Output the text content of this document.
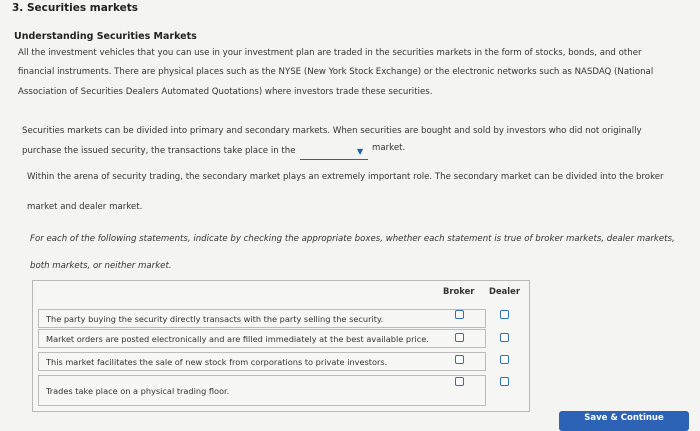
3. Securities markets
Understanding Securities Markets
All the investment vehicles that you can use in your investment plan are traded in the securities markets in the form of stocks, bonds, and other
financial instruments. There are physical places such as the NYSE (New York Stock Exchange) or the electronic networks such as NASDAQ (National
Association of Securities Dealers Automated Quotations) where investors trade these securities.
Securities markets can be divided into primary and secondary markets. When securities are bought and sold by investors who did not originally
purchase the issued security, the transactions take place in the	▼ market.
Within the arena of security trading, the secondary market plays an extremely important role. The secondary market can be divided into the broker
market and dealer market.
For each of the following statements, indicate by checking the appropriate boxes, whether each statement is true of broker markets, dealer markets,
both markets, or neither market.
Broker Dealer
The party buying the security directly transacts with the party selling the security.
Market orders are posted electronically and are filled immediately at the best available price.
This market facilitates the sale of new stock from corporations to private investors.
Trades take place on a physical trading floor.
Save & Continue
